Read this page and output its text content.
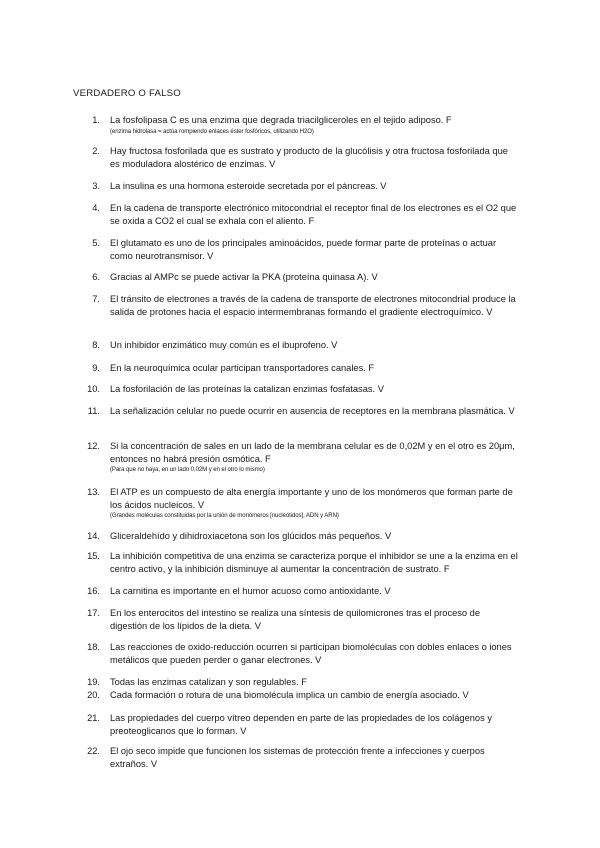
VERDADERO O FALSO
1. La fosfolipasa C es una enzima que degrada triacilgliceroles en el tejido adiposo. F
(enzima hidrolasa = actúa rompiendo enlaces éster fosfóricos, utilizando H2O)
2. Hay fructosa fosforilada que es sustrato y producto de la glucólisis y otra fructosa fosforilada que es moduladora alostérico de enzimas. V
3. La insulina es una hormona esteroide secretada por el páncreas. V
4. En la cadena de transporte electrónico mitocondrial el receptor final de los electrones es el O2 que se oxida a CO2 el cual se exhala con el aliento. F
5. El glutamato es uno de los principales aminoácidos, puede formar parte de proteínas o actuar como neurotransmisor. V
6. Gracias al AMPc se puede activar la PKA (proteína quinasa A). V
7. El tránsito de electrones a través de la cadena de transporte de electrones mitocondrial produce la salida de protones hacia el espacio intermembranas formando el gradiente electroquímico. V
8. Un inhibidor enzimático muy común es el ibuprofeno. V
9. En la neuroquímica ocular participan transportadores canales. F
10. La fosforilación de las proteínas la catalizan enzimas fosfatasas. V
11. La señalización celular no puede ocurrir en ausencia de receptores en la membrana plasmática. V
12. Si la concentración de sales en un lado de la membrana celular es de 0,02M y en el otro es 20μm, entonces no habrá presión osmótica. F
(Para que no haya, en un lado 0,02M y en el otro lo mismo)
13. El ATP es un compuesto de alta energía importante y uno de los monómeros que forman parte de los ácidos nucleicos. V
(Grandes moléculas constituidas por la unión de monómeros [nucleótidos], ADN y ARN)
14. Gliceraldehído y dihidroxiacetona son los glúcidos más pequeños. V
15. La inhibición competitiva de una enzima se caracteriza porque el inhibidor se une a la enzima en el centro activo, y la inhibición disminuye al aumentar la concentración de sustrato. F
16. La carnitina es importante en el humor acuoso como antioxidante. V
17. En los enterocitos del intestino se realiza una síntesis de quilomicrones tras el proceso de digestión de los lípidos de la dieta. V
18. Las reacciones de oxido-reducción ocurren si participan biomoléculas con dobles enlaces o iones metálicos que pueden perder o ganar electrones. V
19. Todas las enzimas catalizan y son regulables. F
20. Cada formación o rotura de una biomolécula implica un cambio de energía asociado. V
21. Las propiedades del cuerpo vítreo dependen en parte de las propiedades de los colágenos y preoteoglicanos que lo forman. V
22. El ojo seco impide que funcionen los sistemas de protección frente a infecciones y cuerpos extraños. V
